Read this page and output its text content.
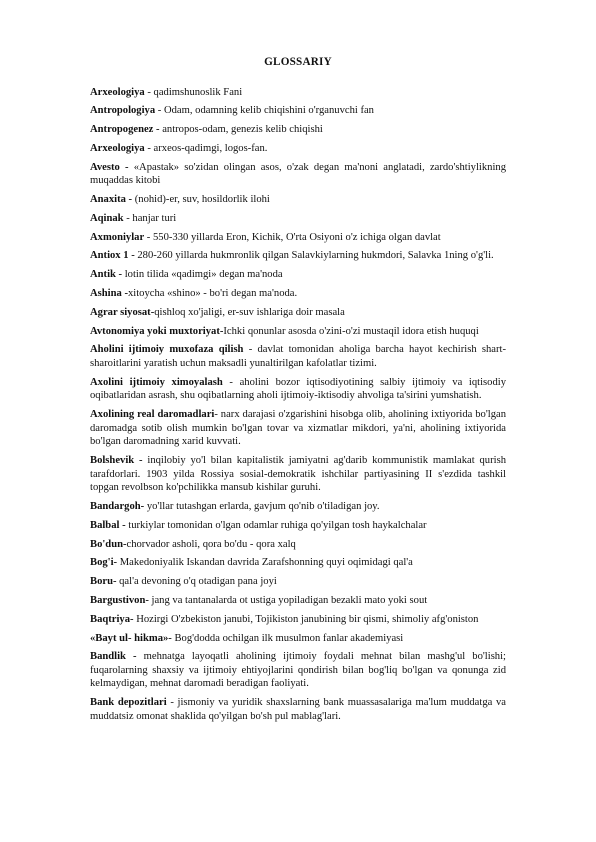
GLOSSARIY

Arxeologiya - qadimshunoslik Fani

Antropologiya - Odam, odamning kelib chiqishini o'rganuvchi fan

Antropogenez - antropos-odam, genezis kelib chiqishi

Arxeologiya - arxeos-qadimgi, logos-fan.

Avesto - «Apastak» so'zidan olingan asos, o'zak degan ma'noni anglatadi, zardo'shtiylikning muqaddas kitobi

Anaxita - (nohid)-er, suv, hosildorlik ilohi

Aqinak - hanjar turi

Axmoniylar - 550-330 yillarda Eron, Kichik, O'rta Osiyoni o'z ichiga olgan davlat

Antiox 1 - 280-260 yillarda hukmronlik qilgan Salavkiylarning hukmdori, Salavka 1ning o'g'li.

Antik - lotin tilida «qadimgi» degan ma'noda

Ashina -xitoycha «shino» - bo'ri degan ma'noda.

Agrar siyosat-qishloq xo'jaligi, er-suv ishlariga doir masala

Avtonomiya yoki muxtoriyat-Ichki qonunlar asosda o'zini-o'zi mustaqil idora etish huquqi

Aholini ijtimoiy muxofaza qilish - davlat tomonidan aholiga barcha hayot kechirish shart-sharoitlarini yaratish uchun maksadli yunaltirilgan kafolatlar tizimi.

Axolini ijtimoiy ximoyalash - aholini bozor iqtisodiyotining salbiy ijtimoiy va iqtisodiy oqibatlaridan asrash, shu oqibatlarning aholi ijtimoiy-iktisodiy ahvoliga ta'sirini yumshatish.

Axolining real daromadlari- narx darajasi o'zgarishini hisobga olib, aholining ixtiyorida bo'lgan daromadga sotib olish mumkin bo'lgan tovar va xizmatlar mikdori, ya'ni, aholining ixtiyorida bo'lgan daromadning xarid kuvvati.

Bolshevik - inqilobiy yo'l bilan kapitalistik jamiyatni ag'darib kommunistik mamlakat qurish tarafdorlari. 1903 yilda Rossiya sosial-demokratik ishchilar partiyasining II s'ezdida tashkil topgan revolbson ko'pchilikka mansub kishilar guruhi.

Bandargoh- yo'llar tutashgan erlarda, gavjum qo'nib o'tiladigan joy.

Balbal - turkiylar tomonidan o'lgan odamlar ruhiga qo'yilgan tosh haykalchalar

Bo'dun-chorvador asholi, qora bo'du - qora xalq

Bog'i- Makedoniyalik Iskandan davrida Zarafshonning quyi oqimidagi qal'a

Boru- qal'a devoning o'q otadigan pana joyi

Bargustivon- jang va tantanalarda ot ustiga yopiladigan bezakli mato yoki sout

Baqtriya- Hozirgi O'zbekiston janubi, Tojikiston janubining bir qismi, shimoliy afg'oniston

«Bayt ul- hikma»- Bog'dodda ochilgan ilk musulmon fanlar akademiyasi

Bandlik - mehnatga layoqatli aholining ijtimoiy foydali mehnat bilan mashg'ul bo'lishi; fuqarolarning shaxsiy va ijtimoiy ehtiyojlarini qondirish bilan bog'liq bo'lgan va qonunga zid kelmaydigan, mehnat daromadi beradigan faoliyati.

Bank depozitlari - jismoniy va yuridik shaxslarning bank muassasalariga ma'lum muddatga va muddatsiz omonat shaklida qo'yilgan bo'sh pul mablag'lari.
